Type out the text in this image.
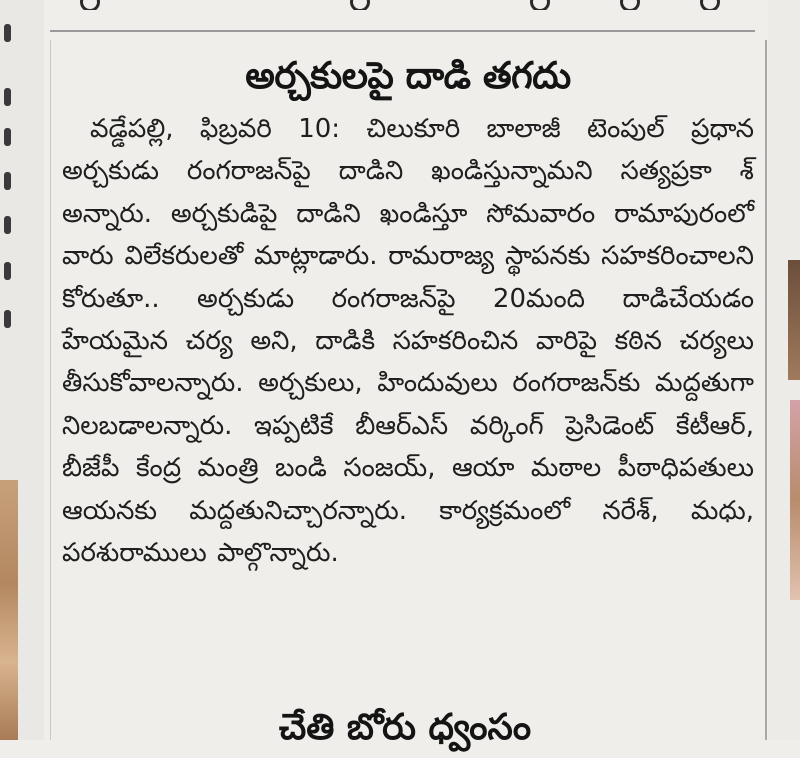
అర్చకులపై దాడి తగదు

వడ్డేపల్లి, ఫిబ్రవరి 10: చిలుకూరి బాలాజీ టెంపుల్ ప్రధాన అర్చకుడు రంగరాజన్‌పై దాడిని ఖండిస్తున్నామని సత్యప్రకా శ్ అన్నారు. అర్చకుడిపై దాడిని ఖండిస్తూ సోమవారం రామాపురంలో వారు విలేకరులతో మాట్లాడారు. రామరాజ్య స్థాపనకు సహకరించాలని కోరుతూ.. అర్చకుడు రంగరాజన్‌పై 20మంది దాడిచేయడం హేయమైన చర్య అని, దాడికి సహకరించిన వారిపై కఠిన చర్యలు తీసుకోవాలన్నారు. అర్చకులు, హిందువులు రంగరాజన్‌కు మద్దతుగా నిలబడాలన్నారు. ఇప్పటికే బీఆర్ఎస్ వర్కింగ్ ప్రెసిడెంట్ కేటీఆర్, బీజేపీ కేంద్ర మంత్రి బండి సంజయ్, ఆయా మఠాల పీఠాధిపతులు ఆయనకు మద్దతునిచ్చారన్నారు. కార్యక్రమంలో నరేశ్, మధు, పరశురాములు పాల్గొన్నారు.

చేతి బోరు ధ్వంసం
